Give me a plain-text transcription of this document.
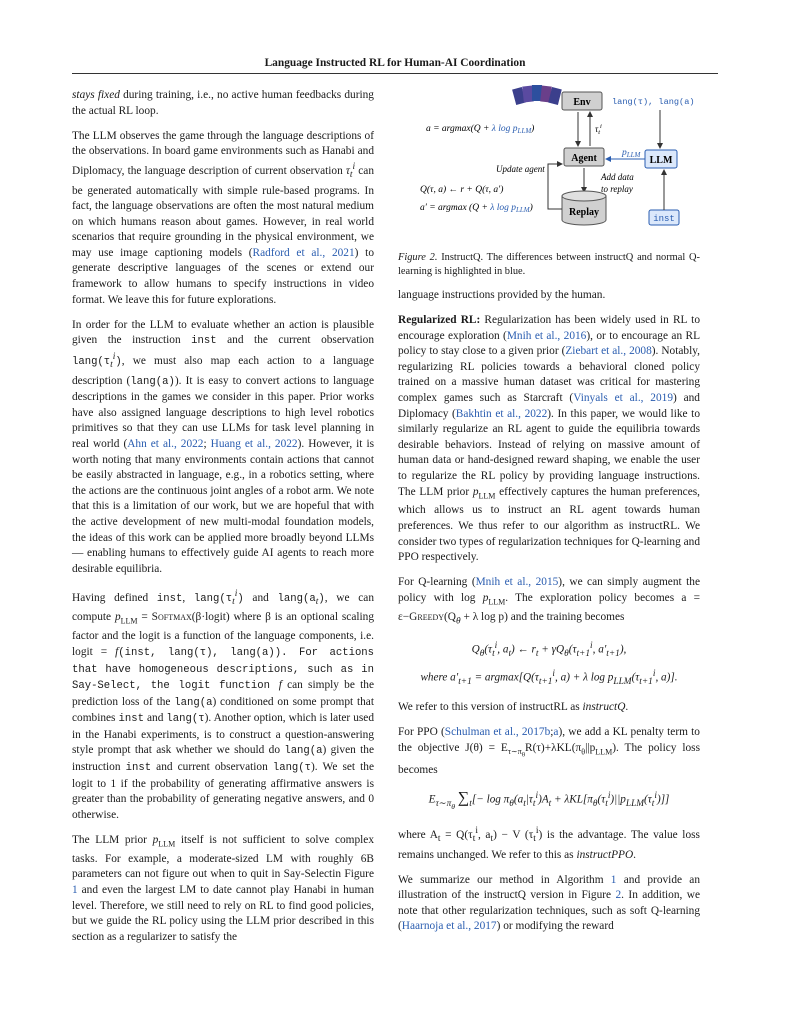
Language Instructed RL for Human-AI Coordination

stays fixed during training, i.e., no active human feedbacks during the actual RL loop.

The LLM observes the game through the language descriptions of the observations. In board game environments such as Hanabi and Diplomacy, the language description of current observation $\tau_t^i$ can be generated automatically with simple rule-based programs. In fact, the language observations are often the most natural medium on which humans reason about games. However, in real world scenarios that require grounding in the physical environment, we may use image captioning models (Radford et al., 2021) to generate descriptive languages of the scenes or extend our framework to allow humans to specify instructions in video format. We leave this for future explorations.

In order for the LLM to evaluate whether an action is plausible given the instruction inst and the current observation $lang(\tau_t^i)$, we must also map each action to a language description (lang(a)). It is easy to convert actions to language descriptions in the games we consider in this paper. Prior works have also assigned language descriptions to high level robotics primitives so that they can use LLMs for task level planning in real world (Ahn et al., 2022; Huang et al., 2022). However, it is worth noting that many environments contain actions that cannot be easily abstracted in language, e.g., in a robotics setting, where the actions are the continuous joint angles of a robot arm. We note that this is a limitation of our work, but we are hopeful that with the active development of new multi-modal foundation models, the ideas of this work can be applied more broadly beyond LLMs — enabling humans to effectively guide AI agents to reach more desirable equilibria.

Having defined inst, $lang(\tau_t^i)$ and $lang(a_t)$, we can compute $p_{LLM}$ = Softmax(β·logit) where β is an optional scaling factor and the logit is a function of the language components, i.e. logit = f(inst, lang(τ), lang(a)). For actions that have homogeneous descriptions, such as in Say-Select, the logit function f can simply be the prediction loss of the lang(a) conditioned on some prompt that combines inst and lang(τ). Another option, which is later used in the Hanabi experiments, is to construct a question-answering style prompt that ask whether we should do lang(a) given the instruction inst and current observation lang(τ). We set the logit to 1 if the probability of generating affirmative answers is greater than the probability of generating negative answers, and 0 otherwise.

The LLM prior $p_{LLM}$ itself is not sufficient to solve complex tasks. For example, a moderate-sized LM with roughly 6B parameters can not figure out when to quit in Say-Selectin Figure 1 and even the largest LM to date cannot play Hanabi in human level. Therefore, we still need to rely on RL to find good policies, but we guide the RL policy using the LLM prior described in this section as a regularizer to satisfy the

Env lang(τ), lang(a)
Agent	LLM
inst
$p_{LLM}$
$\tau_t^i$
a = argmax(Q + λ $\log p_{LLM}$)
Update agent
Add data
to replay
Replay
Q(τ, a) ← r + Q(τ, a′)
a′ = argmax (Q + λ $\log p_{LLM}$)
Figure 2. InstructQ. The differences between instructQ and normal Q-learning is highlighted in blue.

language instructions provided by the human.

Regularized RL: Regularization has been widely used in RL to encourage exploration (Mnih et al., 2016), or to encourage an RL policy to stay close to a given prior (Ziebart et al., 2008). Notably, regularizing RL policies towards a behavioral cloned policy trained on a massive human dataset was critical for mastering complex games such as Starcraft (Vinyals et al., 2019) and Diplomacy (Bakhtin et al., 2022). In this paper, we would like to similarly regularize an RL agent to guide the equilibria towards desirable behaviors. Instead of relying on massive amount of human data or hand-designed reward shaping, we enable the user to regularize the RL policy by providing language instructions. The LLM prior $p_{LLM}$ effectively captures the human preferences, which allows us to instruct an RL agent towards human preferences. We thus refer to our algorithm as instructRL. We consider two types of regularization techniques for Q-learning and PPO respectively.

For Q-learning (Mnih et al., 2015), we can simply augment the policy with $\log p_{LLM}$. The exploration policy becomes $a = \varepsilon-Greedy(Q_\theta + \lambda$ log p) and the training becomes

$Q_\theta(\tau_t^i$, $a_t$) ← $r_t + \gamma Q_\theta(\tau_{t+1}^i$, $a'_{t+1}$),
where $a'_{t+1} = argmax[Q(\tau_{t+1}^i$, a) + λ $\log p_{LLM}(\tau_{t+1}^i$, a)].

We refer to this version of instructRL as instructQ.

For PPO (Schulman et al., 2017b;a), we add a KL penalty term to the objective $J(\theta) = E_{\tau\sim\pi_\theta}R(\tau)+\lambda KL(\pi_\theta||p_{LLM})$. The policy loss becomes

$E_{\tau\sim\pi_\theta}$ $\sum_t[- \log \pi_\theta(a_t|\tau_t^i)A_t + \lambda KL[\pi_\theta(\tau_t^i)||p_{LLM}(\tau_t^i)]]$

where $A_t = Q(\tau_t^i$, $a_t) - V$ $(\tau_t^i)$ is the advantage. The value loss remains unchanged. We refer to this as instructPPO.

We summarize our method in Algorithm 1 and provide an illustration of the instructQ version in Figure 2. In addition, we note that other regularization techniques, such as soft Q-learning (Haarnoja et al., 2017) or modifying the reward
